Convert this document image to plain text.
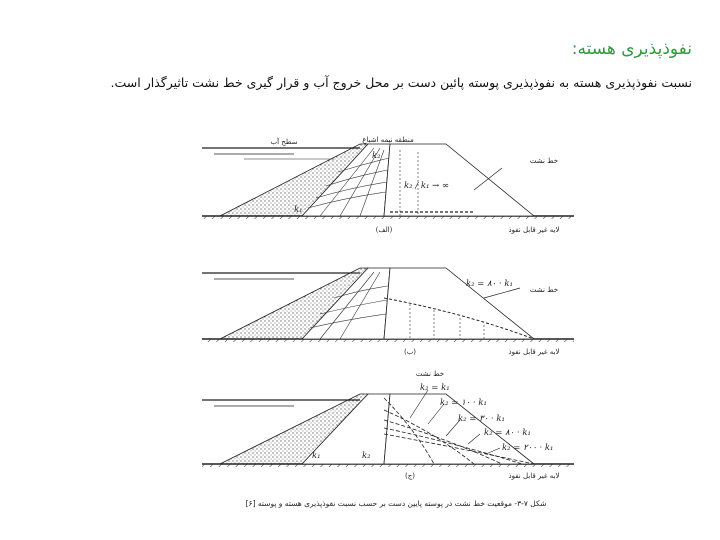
نفوذپذیری هسته:
نسبت نفوذپذیری هسته به نفوذپذیری پوسته پائین دست بر محل خروج آب و قرار گیری خط نشت تاثیرگذار است.
سطح آب	منطقه نیمه اشباع
خط نشت
k₂
k₁
k₂ / k₁ → ∞
(الف)	لایه غیر قابل نفوذ
k₂ = ۸۰ · k₁
خط نشت
(ب)	لایه غیر قابل نفوذ
خط نشت
k₂ = k₁
k₂ = ۱۰ · k₁
k₂ = ۳۰ · k₁
k₂ = ۸۰ · k₁
k₂ = ۲۰۰ · k₁
k₁	k₂
(ج)	لایه غیر قابل نفوذ
شکل ۷-۳- موقعیت خط نشت در پوسته پایین دست بر حسب نسبت نفوذپذیری هسته و پوسته [۶]
